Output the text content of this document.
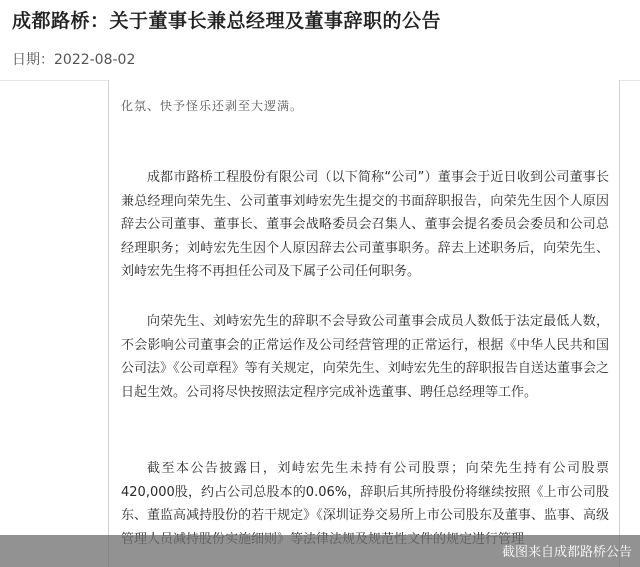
成都路桥：关于董事长兼总经理及董事辞职的公告
日期：2022-08-02
化氛、快予怪乐还剥至大逻满。

成都市路桥工程股份有限公司（以下简称“公司”）董事会于近日收到公司董事长兼总经理向荣先生、公司董事刘峙宏先生提交的书面辞职报告，向荣先生因个人原因辞去公司董事、董事长、董事会战略委员会召集人、董事会提名委员会委员和公司总经理职务；刘峙宏先生因个人原因辞去公司董事职务。辞去上述职务后，向荣先生、刘峙宏先生将不再担任公司及下属子公司任何职务。

向荣先生、刘峙宏先生的辞职不会导致公司董事会成员人数低于法定最低人数，不会影响公司董事会的正常运作及公司经营管理的正常运行，根据《中华人民共和国公司法》《公司章程》等有关规定，向荣先生、刘峙宏先生的辞职报告自送达董事会之日起生效。公司将尽快按照法定程序完成补选董事、聘任总经理等工作。

截至本公告披露日，刘峙宏先生未持有公司股票；向荣先生持有公司股票420,000股，约占公司总股本的0.06%，辞职后其所持股份将继续按照《上市公司股东、董监高减持股份的若干规定》《深圳证券交易所上市公司股东及董事、监事、高级

截图来自成都路桥公告
